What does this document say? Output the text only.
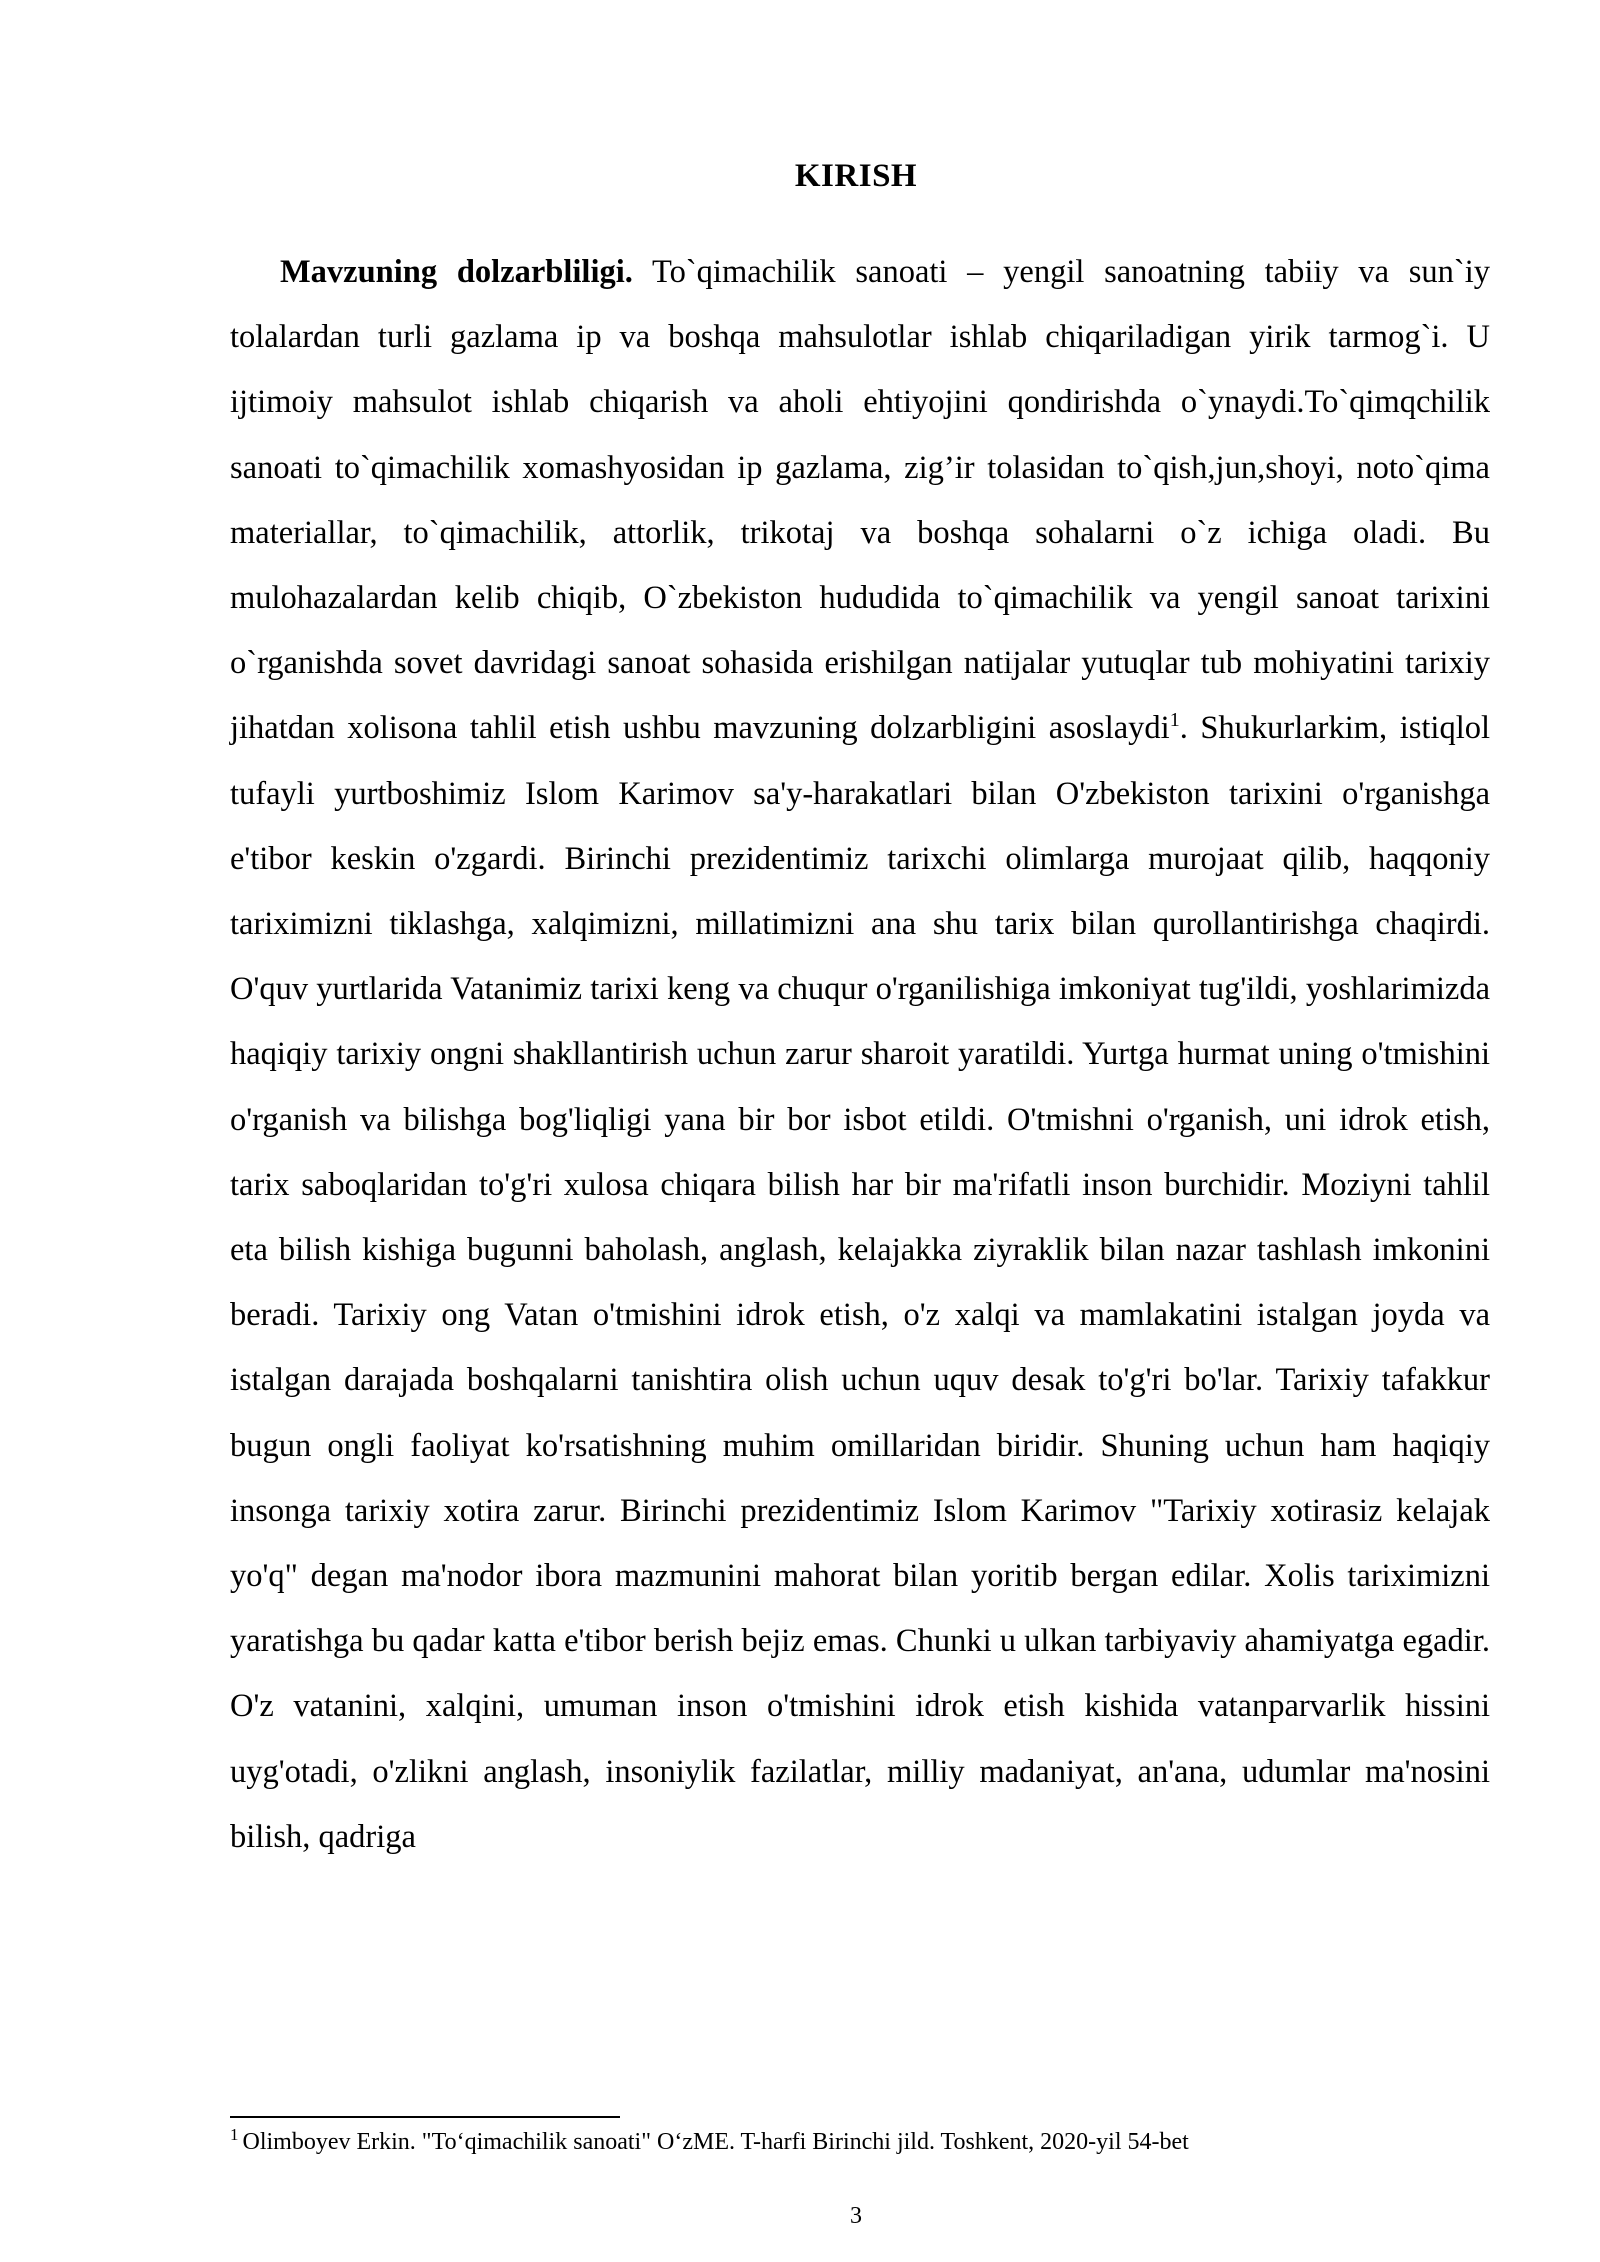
KIRISH

Mavzuning dolzarbliligi. To`qimachilik sanoati – yengil sanoatning tabiiy va sun`iy tolalardan turli gazlama ip va boshqa mahsulotlar ishlab chiqariladigan yirik tarmog`i. U ijtimoiy mahsulot ishlab chiqarish va aholi ehtiyojini qondirishda o`ynaydi.To`qimqchilik sanoati to`qimachilik xomashyosidan ip gazlama, zig’ir tolasidan to`qish,jun,shoyi, noto`qima materiallar, to`qimachilik, attorlik, trikotaj va boshqa sohalarni o`z ichiga oladi. Bu mulohazalardan kelib chiqib, O`zbekiston hududida to`qimachilik va yengil sanoat tarixini o`rganishda sovet davridagi sanoat sohasida erishilgan natijalar yutuqlar tub mohiyatini tarixiy jihatdan xolisona tahlil etish ushbu mavzuning dolzarbligini asoslaydi$^1$. Shukurlarkim, istiqlol tufayli yurtboshimiz Islom Karimov sa'y-harakatlari bilan O'zbekiston tarixini o'rganishga e'tibor keskin o'zgardi. Birinchi prezidentimiz tarixchi olimlarga murojaat qilib, haqqoniy tariximizni tiklashga, xalqimizni, millatimizni ana shu tarix bilan qurollantirishga chaqirdi. O'quv yurtlarida Vatanimiz tarixi keng va chuqur o'rganilishiga imkoniyat tug'ildi, yoshlarimizda haqiqiy tarixiy ongni shakllantirish uchun zarur sharoit yaratildi. Yurtga hurmat uning o'tmishini o'rganish va bilishga bog'liqligi yana bir bor isbot etildi. O'tmishni o'rganish, uni idrok etish, tarix saboqlaridan to'g'ri xulosa chiqara bilish har bir ma'rifatli inson burchidir. Moziyni tahlil eta bilish kishiga bugunni baholash, anglash, kelajakka ziyraklik bilan nazar tashlash imkonini beradi. Tarixiy ong Vatan o'tmishini idrok etish, o'z xalqi va mamlakatini istalgan joyda va istalgan darajada boshqalarni tanishtira olish uchun uquv desak to'g'ri bo'lar. Tarixiy tafakkur bugun ongli faoliyat ko'rsatishning muhim omillaridan biridir. Shuning uchun ham haqiqiy insonga tarixiy xotira zarur. Birinchi prezidentimiz Islom Karimov "Tarixiy xotirasiz kelajak yo'q" degan ma'nodor ibora mazmunini mahorat bilan yoritib bergan edilar. Xolis tariximizni yaratishga bu qadar katta e'tibor berish bejiz emas. Chunki u ulkan tarbiyaviy ahamiyatga egadir. O'z vatanini, xalqini, umuman inson o'tmishini idrok etish kishida vatanparvarlik hissini uyg'otadi, o'zlikni anglash, insoniylik fazilatlar, milliy madaniyat, an'ana, udumlar ma'nosini bilish, qadriga

$^1$ Olimboyev Erkin. "To‘qimachilik sanoati" O‘zME. T-harfi Birinchi jild. Toshkent, 2020-yil 54-bet
3
